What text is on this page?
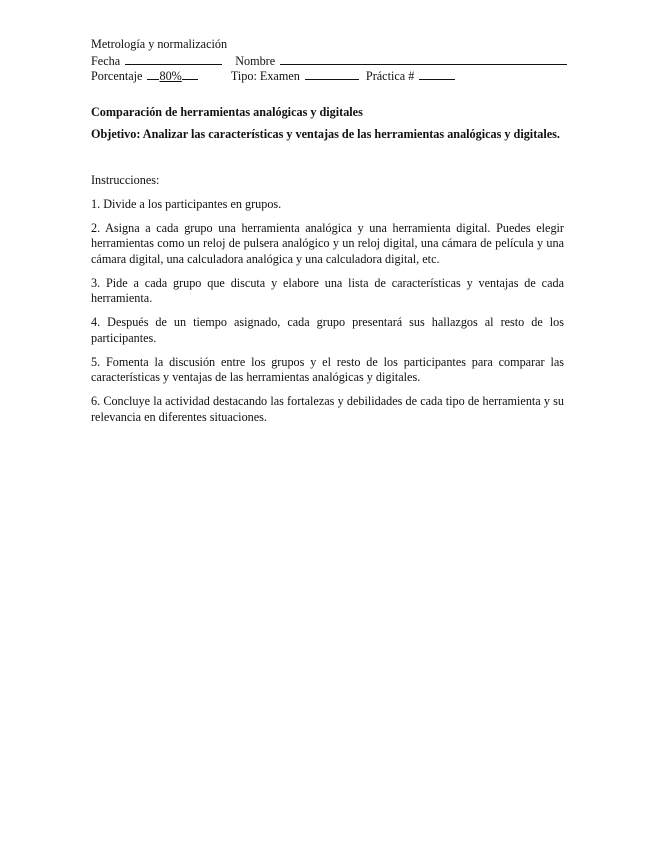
Metrología y normalización
Fecha	Nombre
Porcentaje 80%	Tipo: Examen	Práctica #
Comparación de herramientas analógicas y digitales
Objetivo: Analizar las características y ventajas de las herramientas analógicas y digitales.
Instrucciones:
1. Divide a los participantes en grupos.
2. Asigna a cada grupo una herramienta analógica y una herramienta digital. Puedes elegir herramientas como un reloj de pulsera analógico y un reloj digital, una cámara de película y una cámara digital, una calculadora analógica y una calculadora digital, etc.
3. Pide a cada grupo que discuta y elabore una lista de características y ventajas de cada herramienta.
4. Después de un tiempo asignado, cada grupo presentará sus hallazgos al resto de los participantes.
5. Fomenta la discusión entre los grupos y el resto de los participantes para comparar las características y ventajas de las herramientas analógicas y digitales.
6. Concluye la actividad destacando las fortalezas y debilidades de cada tipo de herramienta y su relevancia en diferentes situaciones.
